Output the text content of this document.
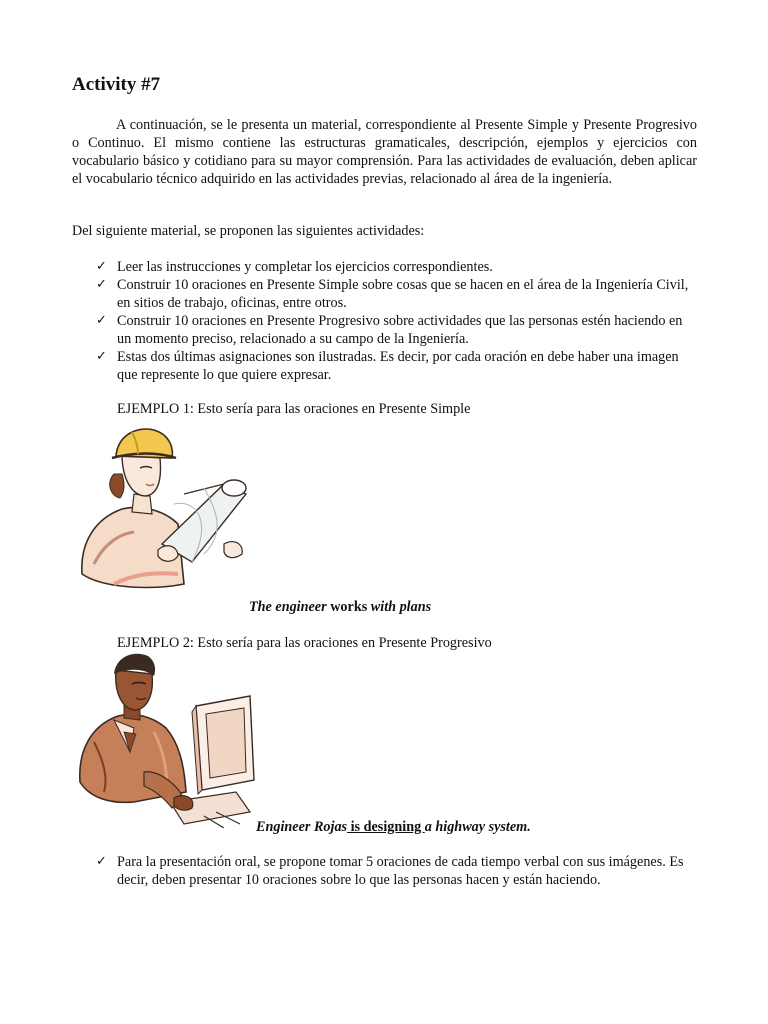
Activity #7

A continuación, se le presenta un material, correspondiente al Presente Simple y Presente Progresivo o Continuo. El mismo contiene las estructuras gramaticales, descripción, ejemplos y ejercicios con vocabulario básico y cotidiano para su mayor comprensión. Para las actividades de evaluación, deben aplicar el vocabulario técnico adquirido en las actividades previas, relacionado al área de la ingeniería.

Del siguiente material, se proponen las siguientes actividades:

✓ Leer las instrucciones y completar los ejercicios correspondientes.
✓ Construir 10 oraciones en Presente Simple sobre cosas que se hacen en el área de la Ingeniería Civil, en sitios de trabajo, oficinas, entre otros.
✓ Construir 10 oraciones en Presente Progresivo sobre actividades que las personas estén haciendo en un momento preciso, relacionado a su campo de la Ingeniería.
✓ Estas dos últimas asignaciones son ilustradas. Es decir, por cada oración en debe haber una imagen que represente lo que quiere expresar.
EJEMPLO 1: Esto sería para las oraciones en Presente Simple
The engineer works with plans
EJEMPLO 2: Esto sería para las oraciones en Presente Progresivo
Engineer Rojas is designing a highway system.
✓ Para la presentación oral, se propone tomar 5 oraciones de cada tiempo verbal con sus imágenes. Es decir, deben presentar 10 oraciones sobre lo que las personas hacen y están haciendo.
